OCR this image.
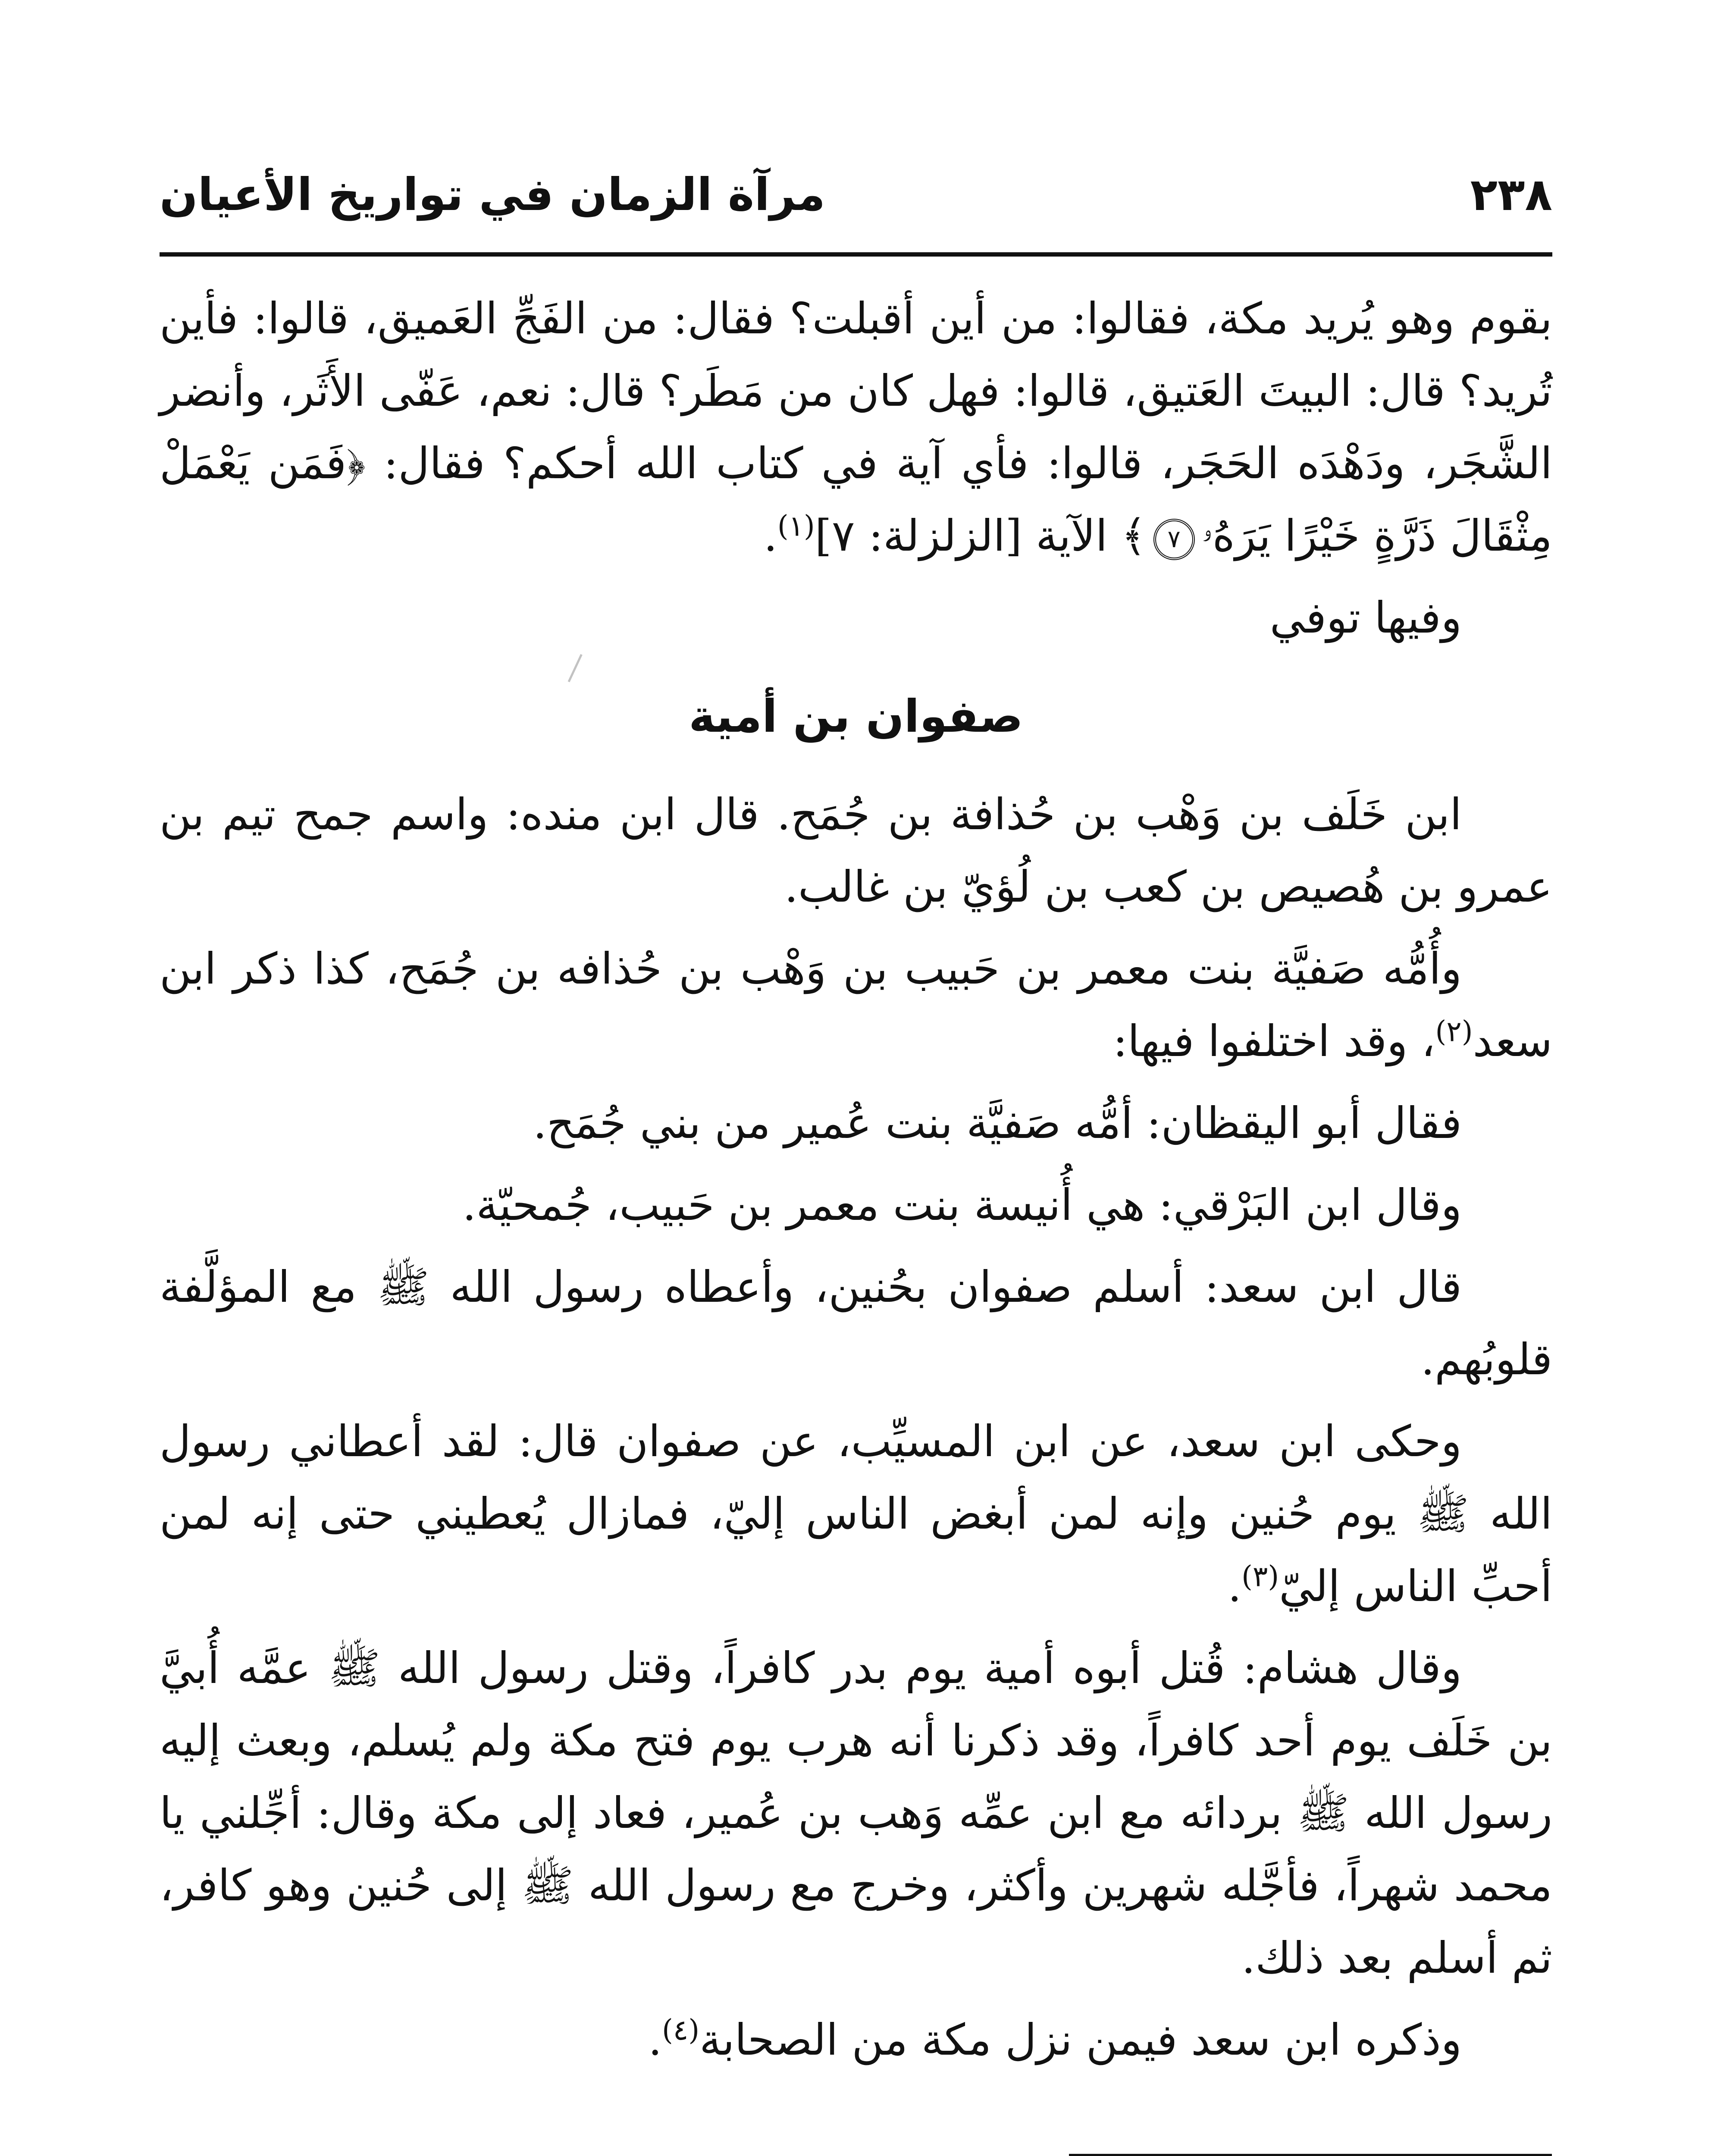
٢٣٨
مرآة الزمان في تواريخ الأعيان

بقوم وهو يُريد مكة، فقالوا: من أين أقبلت؟ فقال: من الفَجِّ العَميق، قالوا: فأين تُريد؟ قال: البيتَ العَتيق، قالوا: فهل كان من مَطَر؟ قال: نعم، عَفّى الأَثَر، وأنضر الشَّجَر، ودَهْدَه الحَجَر، قالوا: فأي آية في كتاب الله أحكم؟ فقال: ﴿فَمَن يَعْمَلْ مِثْقَالَ ذَرَّةٍ خَيْرًا يَرَهُۥ٧﴾ الآية [الزلزلة: ٧]$^{(١)}$.

وفيها توفي

صفوان بن أمية

ابن خَلَف بن وَهْب بن حُذافة بن جُمَح. قال ابن منده: واسم جمح تيم بن عمرو بن هُصيص بن كعب بن لُؤيّ بن غالب.

وأُمُّه صَفيَّة بنت معمر بن حَبيب بن وَهْب بن حُذافه بن جُمَح، كذا ذكر ابن سعد$^{(٢)}$، وقد اختلفوا فيها:

فقال أبو اليقظان: أمُّه صَفيَّة بنت عُمير من بني جُمَح.

وقال ابن البَرْقي: هي أُنيسة بنت معمر بن حَبيب، جُمحيّة.

قال ابن سعد: أسلم صفوان بحُنين، وأعطاه رسول الله ﷺ مع المؤلَّفة قلوبُهم.

وحكى ابن سعد، عن ابن المسيِّب، عن صفوان قال: لقد أعطاني رسول الله ﷺ يوم حُنين وإنه لمن أبغض الناس إليّ، فمازال يُعطيني حتى إنه لمن أحبِّ الناس إليّ$^{(٣)}$.

وقال هشام: قُتل أبوه أمية يوم بدر كافراً، وقتل رسول الله ﷺ عمَّه أُبيَّ بن خَلَف يوم أحد كافراً، وقد ذكرنا أنه هرب يوم فتح مكة ولم يُسلم، وبعث إليه رسول الله ﷺ بردائه مع ابن عمِّه وَهب بن عُمير، فعاد إلى مكة وقال: أجِّلني يا محمد شهراً، فأجَّله شهرين وأكثر، وخرج مع رسول الله ﷺ إلى حُنين وهو كافر، ثم أسلم بعد ذلك.

وذكره ابن سعد فيمن نزل مكة من الصحابة$^{(٤)}$.
